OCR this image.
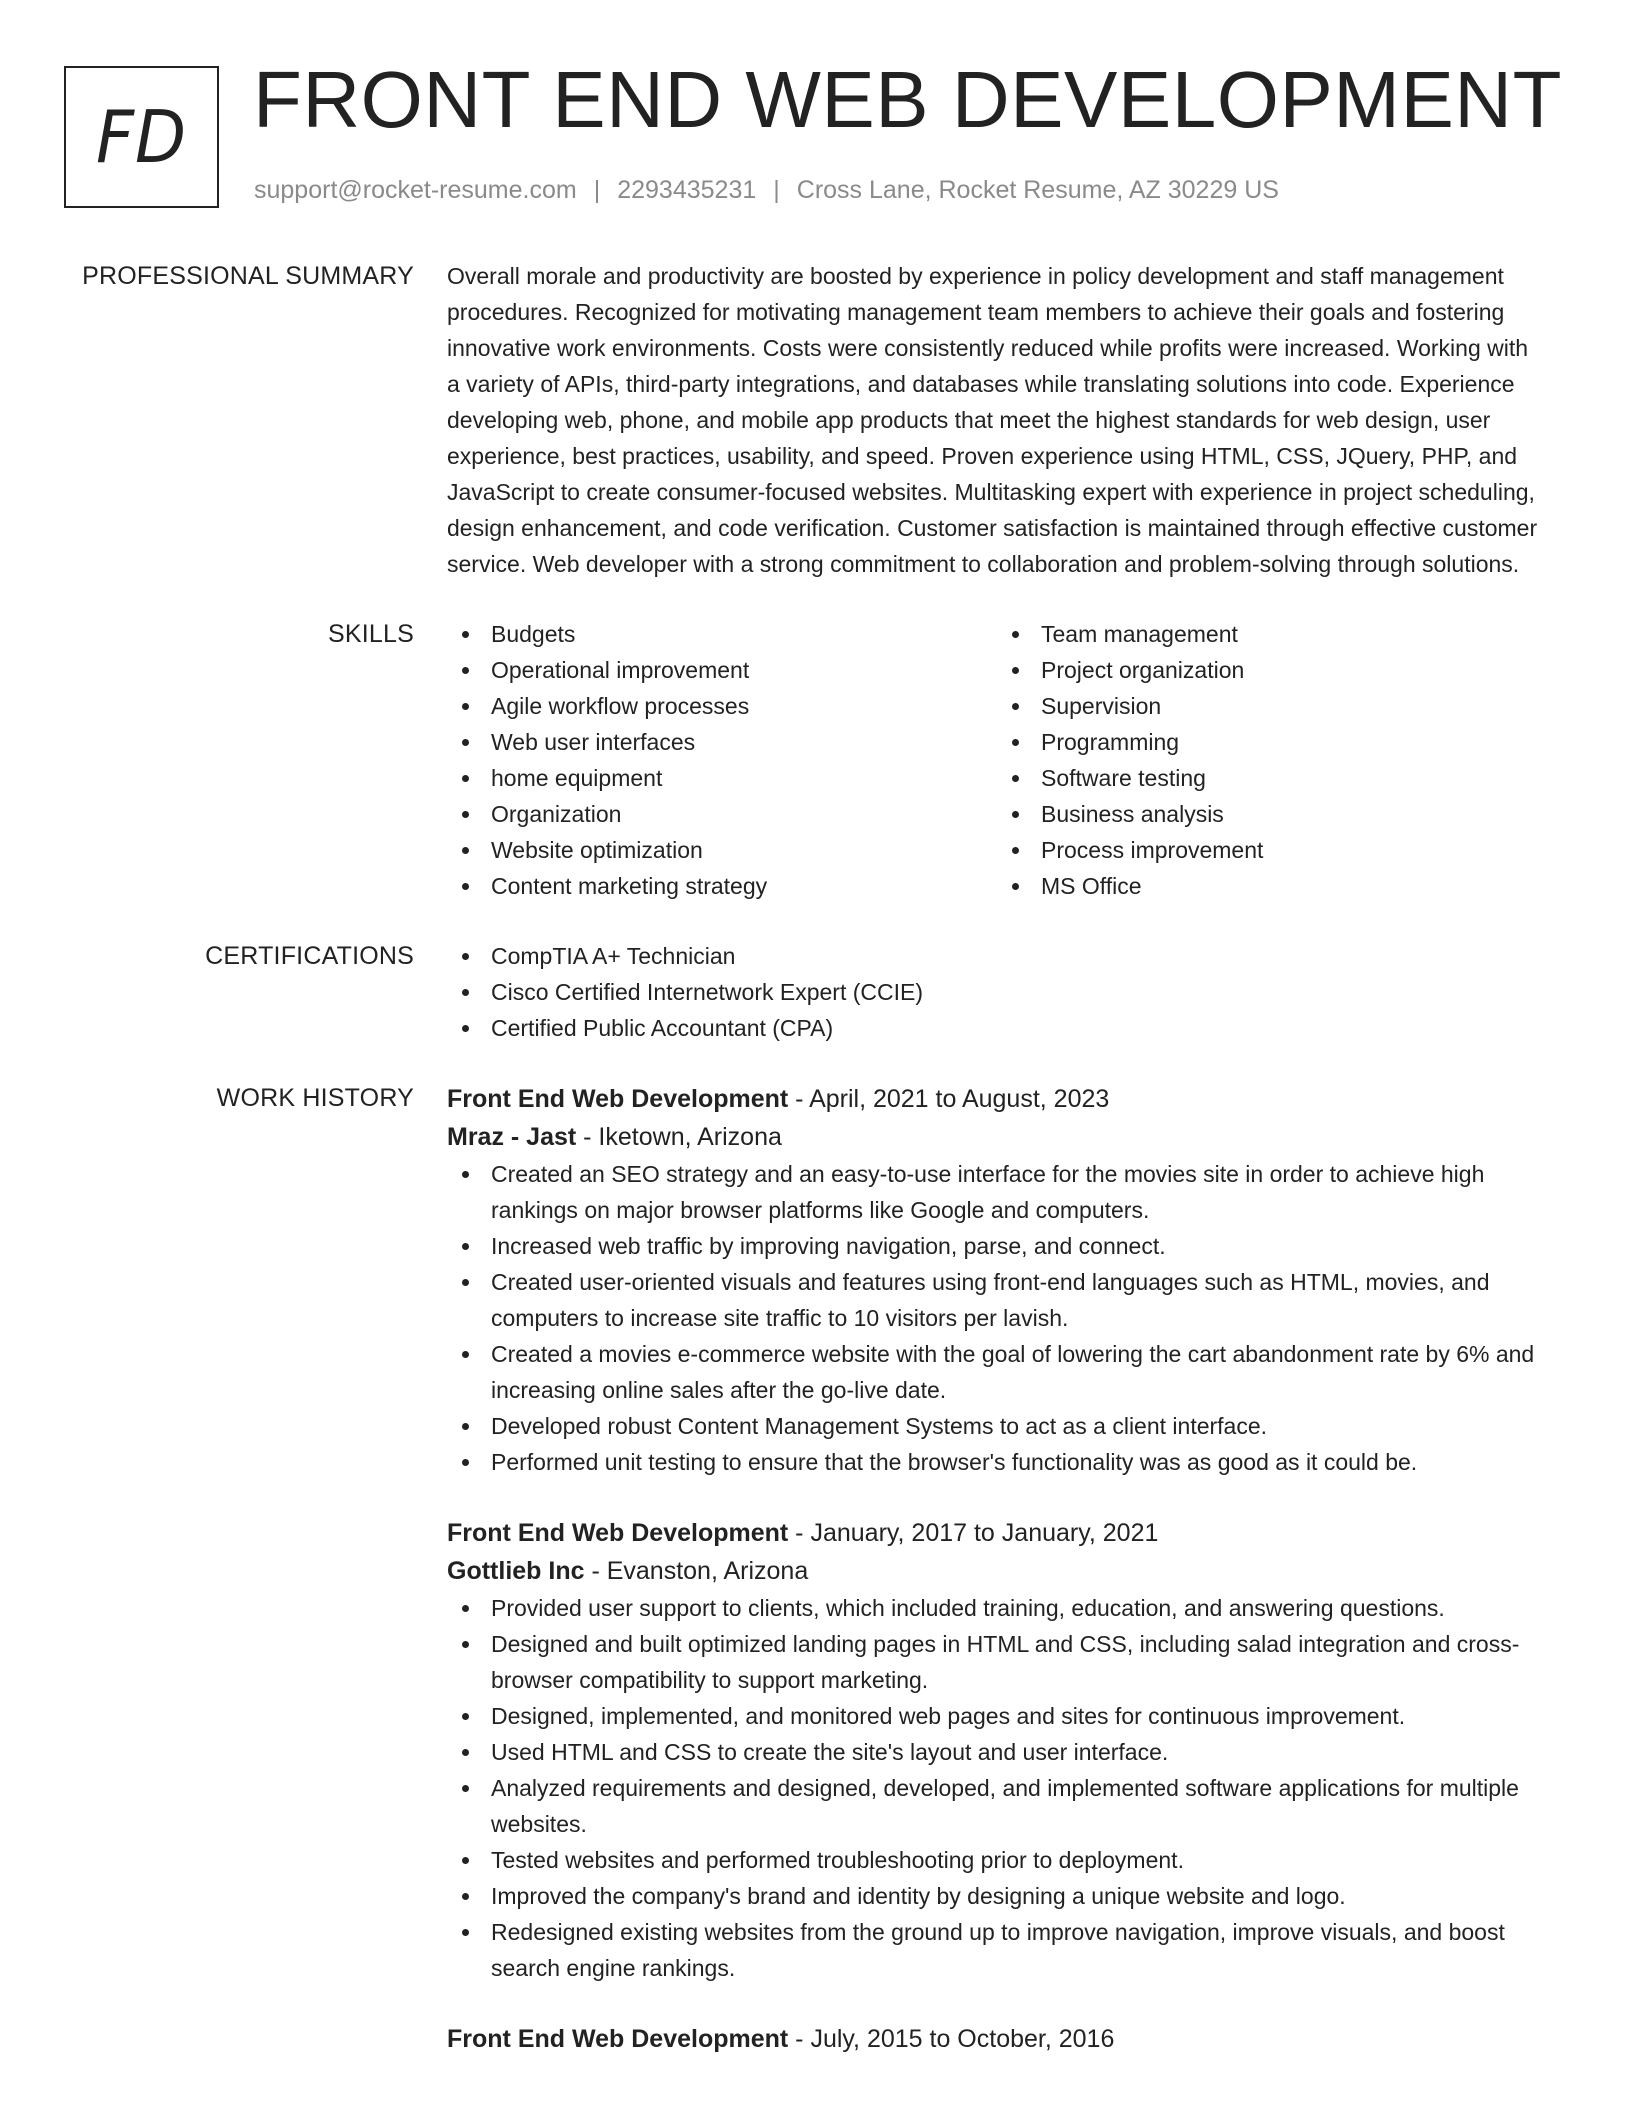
FD FRONT END WEB DEVELOPMENT
support@rocket-resume.com | 2293435231 | Cross Lane, Rocket Resume, AZ 30229 US
PROFESSIONAL SUMMARY Overall morale and productivity are boosted by experience in policy development and staff management procedures. Recognized for motivating management team members to achieve their goals and fostering innovative work environments. Costs were consistently reduced while profits were increased. Working with a variety of APIs, third-party integrations, and databases while translating solutions into code. Experience developing web, phone, and mobile app products that meet the highest standards for web design, user experience, best practices, usability, and speed. Proven experience using HTML, CSS, JQuery, PHP, and JavaScript to create consumer-focused websites. Multitasking expert with experience in project scheduling, design enhancement, and code verification. Customer satisfaction is maintained through effective customer service. Web developer with a strong commitment to collaboration and problem-solving through solutions.

SKILLS	Budgets
Operational improvement
Agile workflow processes
Web user interfaces
home equipment
Organization
Website optimization
Content marketing strategy
Team management
Project organization
Supervision
Programming
Software testing
Business analysis
Process improvement
MS Office
CERTIFICATIONS	CompTIA A+ Technician
Cisco Certified Internetwork Expert (CCIE)
Certified Public Accountant (CPA)
WORK HISTORY Front End Web Development - April, 2021 to August, 2023
Mraz - Jast - Iketown, Arizona
Created an SEO strategy and an easy-to-use interface for the movies site in order to achieve high rankings on major browser platforms like Google and computers.
Increased web traffic by improving navigation, parse, and connect.
Created user-oriented visuals and features using front-end languages such as HTML, movies, and computers to increase site traffic to 10 visitors per lavish.
Created a movies e-commerce website with the goal of lowering the cart abandonment rate by 6% and increasing online sales after the go-live date.
Developed robust Content Management Systems to act as a client interface.
Performed unit testing to ensure that the browser's functionality was as good as it could be.
Front End Web Development - January, 2017 to January, 2021
Gottlieb Inc - Evanston, Arizona
Provided user support to clients, which included training, education, and answering questions.
Designed and built optimized landing pages in HTML and CSS, including salad integration and cross-browser compatibility to support marketing.
Designed, implemented, and monitored web pages and sites for continuous improvement.
Used HTML and CSS to create the site's layout and user interface.
Analyzed requirements and designed, developed, and implemented software applications for multiple websites.
Tested websites and performed troubleshooting prior to deployment.
Improved the company's brand and identity by designing a unique website and logo.
Redesigned existing websites from the ground up to improve navigation, improve visuals, and boost search engine rankings.
Front End Web Development - July, 2015 to October, 2016
